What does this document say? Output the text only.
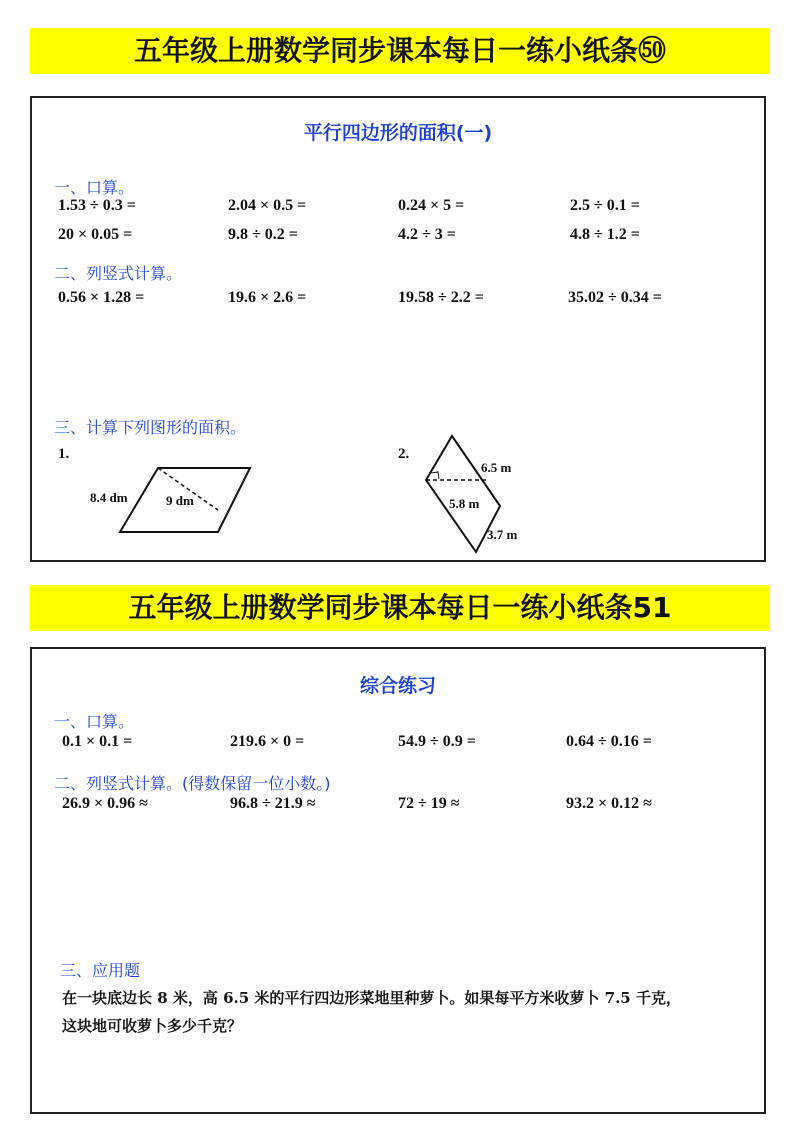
五年级上册数学同步课本每日一练小纸条㊿
平行四边形的面积(一)
一、口算。
1.53 ÷ 0.3 =	2.04 × 0.5 =	0.24 × 5 =	2.5 ÷ 0.1 =
20 × 0.05 =	9.8 ÷ 0.2 =	4.2 ÷ 3 =	4.8 ÷ 1.2 =
二、列竖式计算。
0.56 × 1.28 =	19.6 × 2.6 =	19.58 ÷ 2.2 =	35.02 ÷ 0.34 =
三、计算下列图形的面积。
1.
8.4 dm	9 dm
2.
6.5 m
5.8 m
3.7 m
五年级上册数学同步课本每日一练小纸条51
综合练习
一、口算。
0.1 × 0.1 =	219.6 × 0 =	54.9 ÷ 0.9 =	0.64 ÷ 0.16 =
二、列竖式计算。(得数保留一位小数。)
26.9 × 0.96 ≈	96.8 ÷ 21.9 ≈	72 ÷ 19 ≈	93.2 × 0.12 ≈
三、应用题
在一块底边长 8 米，高 6.5 米的平行四边形菜地里种萝卜。如果每平方米收萝卜 7.5 千克，
这块地可收萝卜多少千克？
